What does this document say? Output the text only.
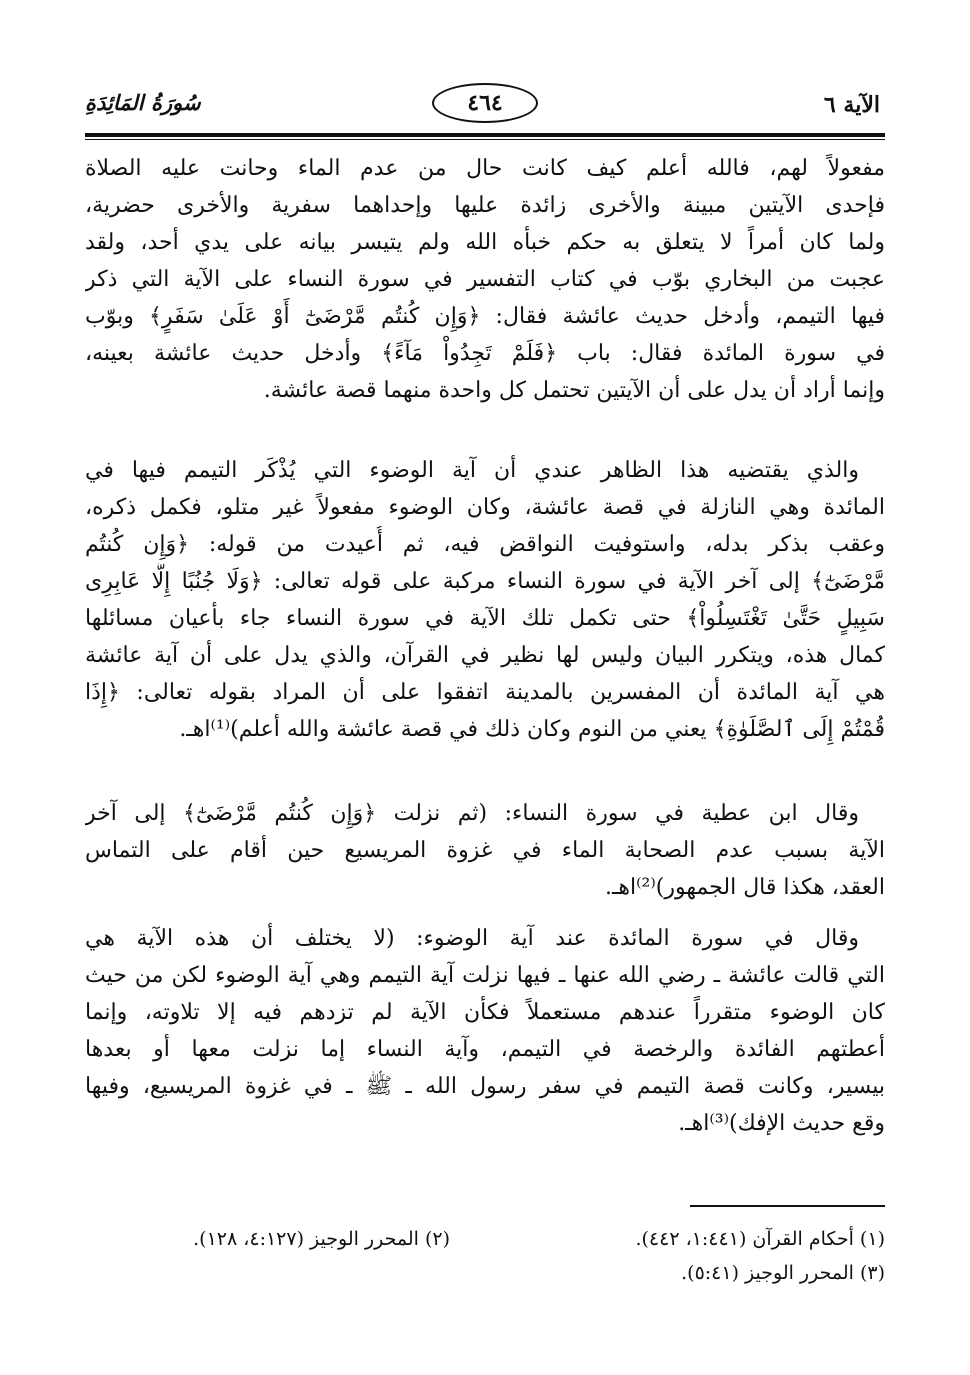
الآية ٦
٤٦٤
سُورَةُ المَائِدَةِ
مفعولاً لهم، فالله أعلم كيف كانت حال من عدم الماء وحانت عليه الصلاة
فإحدى الآيتين مبينة والأخرى زائدة عليها وإحداهما سفرية والأخرى حضرية،
ولما كان أمراً لا يتعلق به حكم خبأه الله ولم يتيسر بيانه على يدي أحد، ولقد
عجبت من البخاري بوّب في كتاب التفسير في سورة النساء على الآية التي ذكر
فيها التيمم، وأدخل حديث عائشة فقال: ﴿وَإِن كُنتُم مَّرْضَىٰٓ أَوْ عَلَىٰ سَفَرٍ﴾ وبوّب
في سورة المائدة فقال: باب ﴿فَلَمْ تَجِدُواْ مَآءً﴾ وأدخل حديث عائشة بعينه،
وإنما أراد أن يدل على أن الآيتين تحتمل كل واحدة منهما قصة عائشة.
والذي يقتضيه هذا الظاهر عندي أن آية الوضوء التي يُذْكَر التيمم فيها في
المائدة وهي النازلة في قصة عائشة، وكان الوضوء مفعولاً غير متلو، فكمل ذكره،
وعقب بذكر بدله، واستوفيت النواقض فيه، ثم أُعيدت من قوله: ﴿وَإِن كُنتُم
مَّرْضَىٰٓ﴾ إلى آخر الآية في سورة النساء مركبة على قوله تعالى: ﴿وَلَا جُنُبًا إِلَّا عَابِرِى
سَبِيلٍ حَتَّىٰ تَغْتَسِلُواْ﴾ حتى تكمل تلك الآية في سورة النساء جاء بأعيان مسائلها
كمال هذه، ويتكرر البيان وليس لها نظير في القرآن، والذي يدل على أن آية عائشة
هي آية المائدة أن المفسرين بالمدينة اتفقوا على أن المراد بقوله تعالى: ﴿إِذَا
قُمْتُمْ إِلَى ٱلصَّلَوٰةِ﴾ يعني من النوم وكان ذلك في قصة عائشة والله أعلم)⁽¹⁾اهـ.
وقال ابن عطية في سورة النساء: (ثم نزلت ﴿وَإِن كُنتُم مَّرْضَىٰٓ﴾ إلى آخر
الآية بسبب عدم الصحابة الماء في غزوة المريسيع حين أقام على التماس
العقد، هكذا قال الجمهور)⁽²⁾اهـ.
وقال في سورة المائدة عند آية الوضوء: (لا يختلف أن هذه الآية هي
التي قالت عائشة ـ رضي الله عنها ـ فيها نزلت آية التيمم وهي آية الوضوء لكن من حيث
كان الوضوء متقرراً عندهم مستعملاً فكأن الآية لم تزدهم فيه إلا تلاوته، وإنما
أعطتهم الفائدة والرخصة في التيمم، وآية النساء إما نزلت معها أو بعدها
بيسير، وكانت قصة التيمم في سفر رسول الله ـ ﷺ ـ في غزوة المريسيع، وفيها
وقع حديث الإفك)⁽³⁾اهـ.
(١) أحكام القرآن (١:٤٤١، ٤٤٢).
(٢) المحرر الوجيز (٤:١٢٧، ١٢٨).
(٣) المحرر الوجيز (٥:٤١).
